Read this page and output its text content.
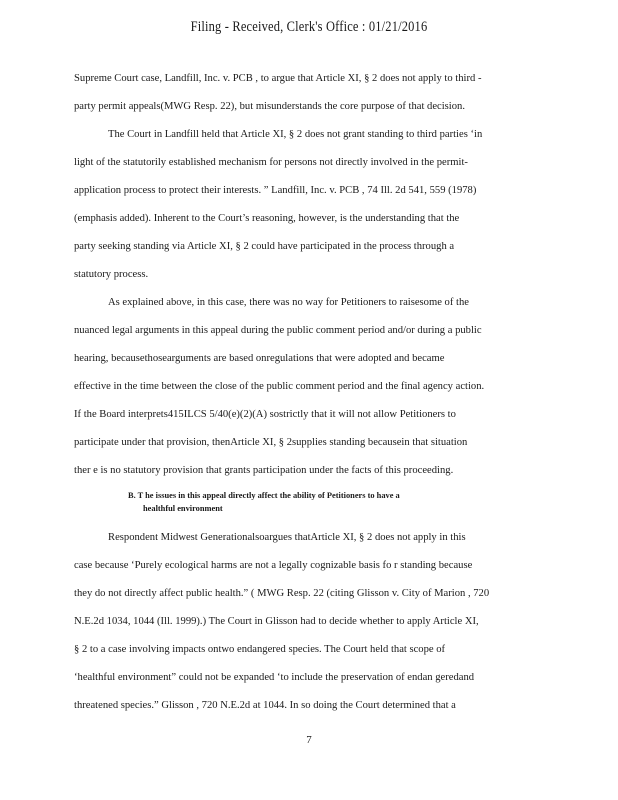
Filing - Received, Clerk's Office : 01/21/2016
Supreme Court case, Landfill, Inc. v. PCB , to argue that Article XI, § 2 does not apply to third -
party permit appeals(MWG Resp. 22), but misunderstands the core purpose of that decision.
The Court in Landfill held that Article XI, § 2 does not grant standing to third parties ‘in
light of the statutorily established mechanism for persons not directly involved in the permit-
application process to protect their interests. ” Landfill, Inc. v. PCB , 74 Ill. 2d 541, 559 (1978)
(emphasis added). Inherent to the Court’s reasoning, however, is the understanding that the
party seeking standing via Article XI, § 2 could have participated in the process through a
statutory process.
As explained above, in this case, there was no way for Petitioners to raisesome of the
nuanced legal arguments in this appeal during the public comment period and/or during a public
hearing, becausethosearguments are based onregulations that were adopted and became
effective in the time between the close of the public comment period and the final agency action.
If the Board interprets415ILCS 5/40(e)(2)(A) sostrictly that it will not allow Petitioners to
participate under that provision, thenArticle XI, § 2supplies standing becausein that situation
ther e is no statutory provision that grants participation under the facts of this proceeding.
B. T he issues in this appeal directly affect the ability of Petitioners to have a
healthful environment
Respondent Midwest Generationalsoargues thatArticle XI, § 2 does not apply in this
case because ‘Purely ecological harms are not a legally cognizable basis fo r standing because
they do not directly affect public health.” ( MWG Resp. 22 (citing Glisson v. City of Marion , 720
N.E.2d 1034, 1044 (Ill. 1999).) The Court in Glisson had to decide whether to apply Article XI,
§ 2 to a case involving impacts ontwo endangered species. The Court held that scope of
‘healthful environment” could not be expanded ‘to include the preservation of endan geredand
threatened species.” Glisson , 720 N.E.2d at 1044. In so doing the Court determined that a
7
